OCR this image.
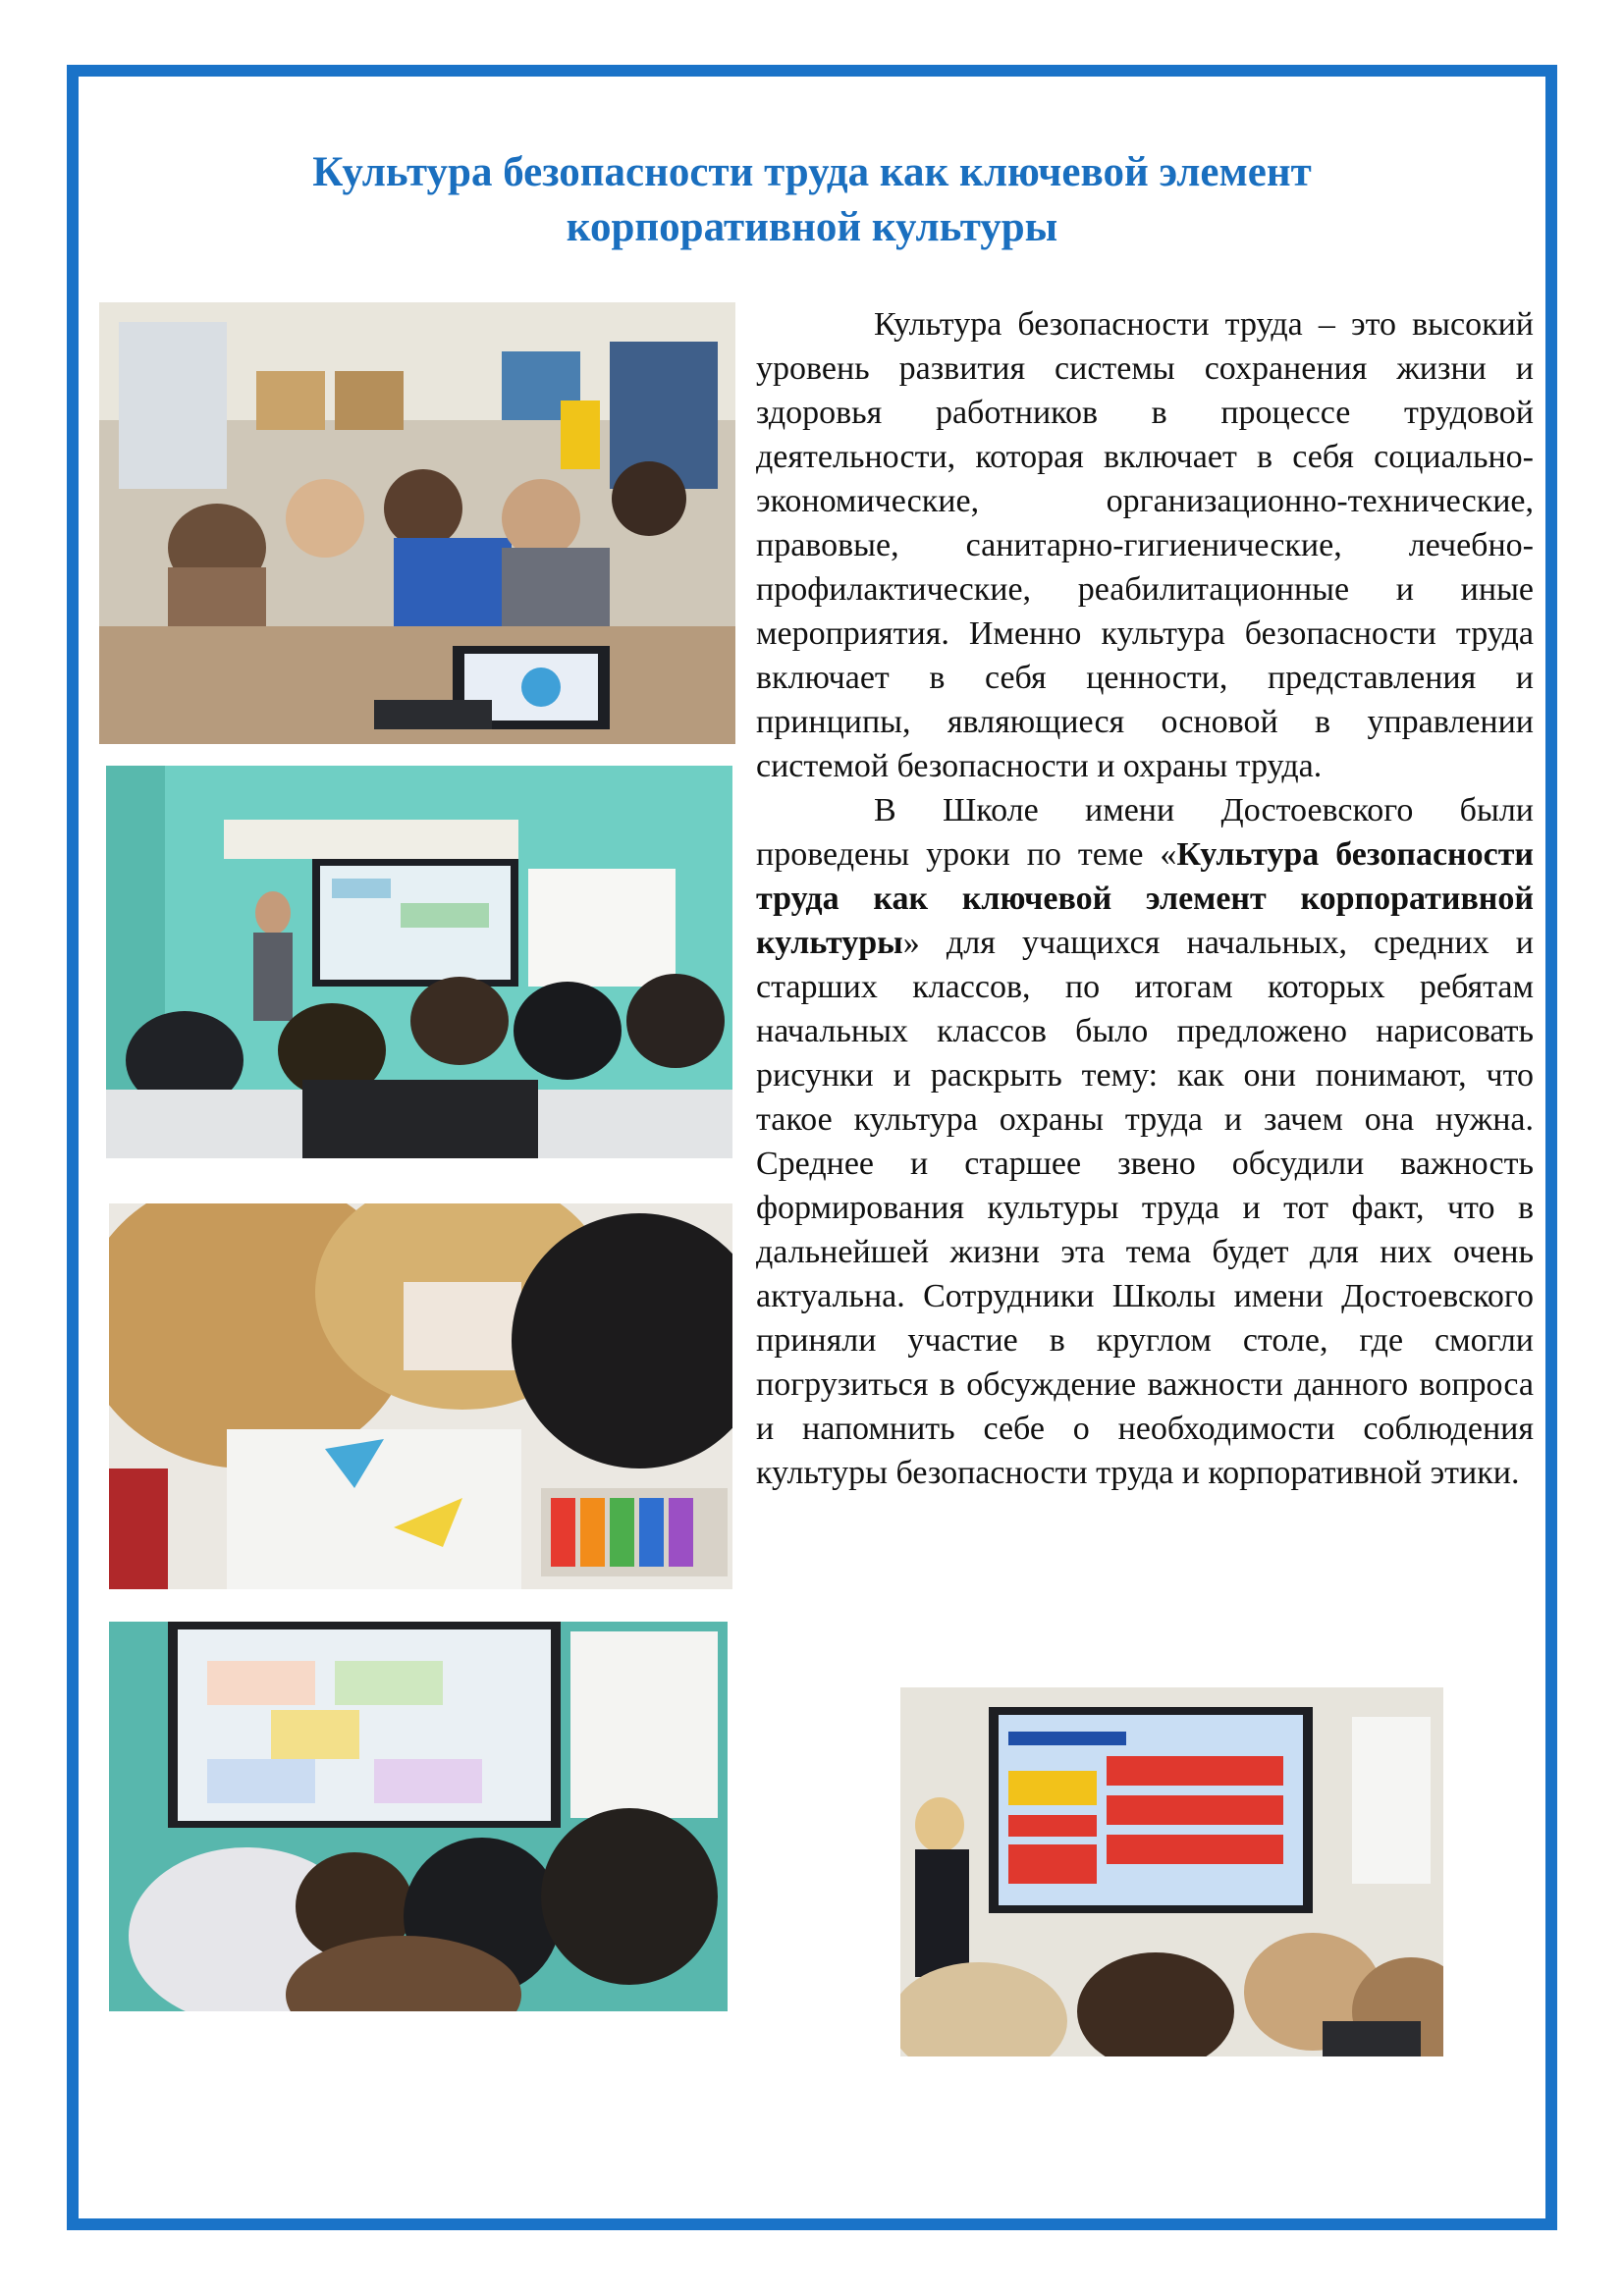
Культура безопасности труда как ключевой элемент
корпоративной культуры

Культура безопасности труда – это высокий уровень развития системы сохранения жизни и здоровья работников в процессе трудовой деятельности, которая включает в себя социально-экономические, организационно-технические, правовые, санитарно-гигиенические, лечебно-профилактические, реабилитационные и иные мероприятия. Именно культура безопасности труда включает в себя ценности, представления и принципы, являющиеся основой в управлении системой безопасности и охраны труда.

В Школе имени Достоевского были проведены уроки по теме «Культура безопасности труда как ключевой элемент корпоративной культуры» для учащихся начальных, средних и старших классов, по итогам которых ребятам начальных классов было предложено нарисовать рисунки и раскрыть тему: как они понимают, что такое культура охраны труда и зачем она нужна. Среднее и старшее звено обсудили важность формирования культуры труда и тот факт, что в дальнейшей жизни эта тема будет для них очень актуальна. Сотрудники Школы имени Достоевского приняли участие в круглом столе, где смогли погрузиться в обсуждение важности данного вопроса и напомнить себе о необходимости соблюдения культуры безопасности труда и корпоративной этики.
